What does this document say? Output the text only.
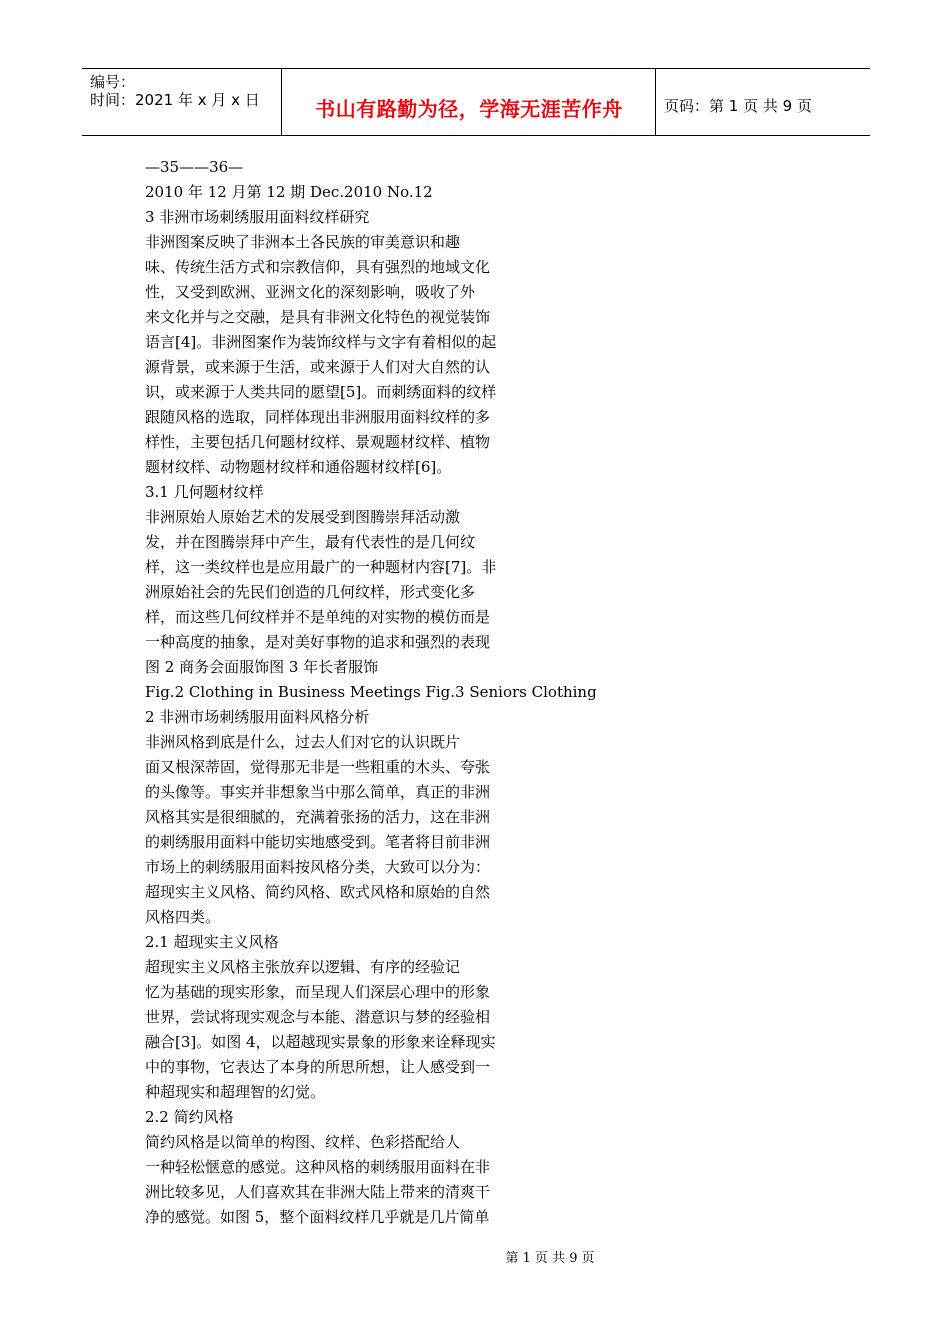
编号：
时间：2021 年 x 月 x 日	书山有路勤为径，学海无涯苦作舟	页码：第 1 页 共 9 页
—35——36—
2010 年 12 月第 12 期 Dec.2010 No.12
3 非洲市场刺绣服用面料纹样研究
非洲图案反映了非洲本土各民族的审美意识和趣
味、传统生活方式和宗教信仰，具有强烈的地域文化
性，又受到欧洲、亚洲文化的深刻影响，吸收了外
来文化并与之交融，是具有非洲文化特色的视觉装饰
语言[4]。非洲图案作为装饰纹样与文字有着相似的起
源背景，或来源于生活，或来源于人们对大自然的认
识，或来源于人类共同的愿望[5]。而刺绣面料的纹样
跟随风格的选取，同样体现出非洲服用面料纹样的多
样性，主要包括几何题材纹样、景观题材纹样、植物
题材纹样、动物题材纹样和通俗题材纹样[6]。
3.1 几何题材纹样
非洲原始人原始艺术的发展受到图腾崇拜活动激
发，并在图腾崇拜中产生，最有代表性的是几何纹
样，这一类纹样也是应用最广的一种题材内容[7]。非
洲原始社会的先民们创造的几何纹样，形式变化多
样，而这些几何纹样并不是单纯的对实物的模仿而是
一种高度的抽象，是对美好事物的追求和强烈的表现
图 2 商务会面服饰图 3 年长者服饰
Fig.2 Clothing in Business Meetings Fig.3 Seniors Clothing
2 非洲市场刺绣服用面料风格分析
非洲风格到底是什么，过去人们对它的认识既片
面又根深蒂固，觉得那无非是一些粗重的木头、夸张
的头像等。事实并非想象当中那么简单，真正的非洲
风格其实是很细腻的，充满着张扬的活力，这在非洲
的刺绣服用面料中能切实地感受到。笔者将目前非洲
市场上的刺绣服用面料按风格分类，大致可以分为：
超现实主义风格、简约风格、欧式风格和原始的自然
风格四类。
2.1 超现实主义风格
超现实主义风格主张放弃以逻辑、有序的经验记
忆为基础的现实形象，而呈现人们深层心理中的形象
世界，尝试将现实观念与本能、潜意识与梦的经验相
融合[3]。如图 4，以超越现实景象的形象来诠释现实
中的事物，它表达了本身的所思所想，让人感受到一
种超现实和超理智的幻觉。
2.2 简约风格
简约风格是以简单的构图、纹样、色彩搭配给人
一种轻松惬意的感觉。这种风格的刺绣服用面料在非
洲比较多见，人们喜欢其在非洲大陆上带来的清爽干
净的感觉。如图 5，整个面料纹样几乎就是几片简单
第 1 页 共 9 页
